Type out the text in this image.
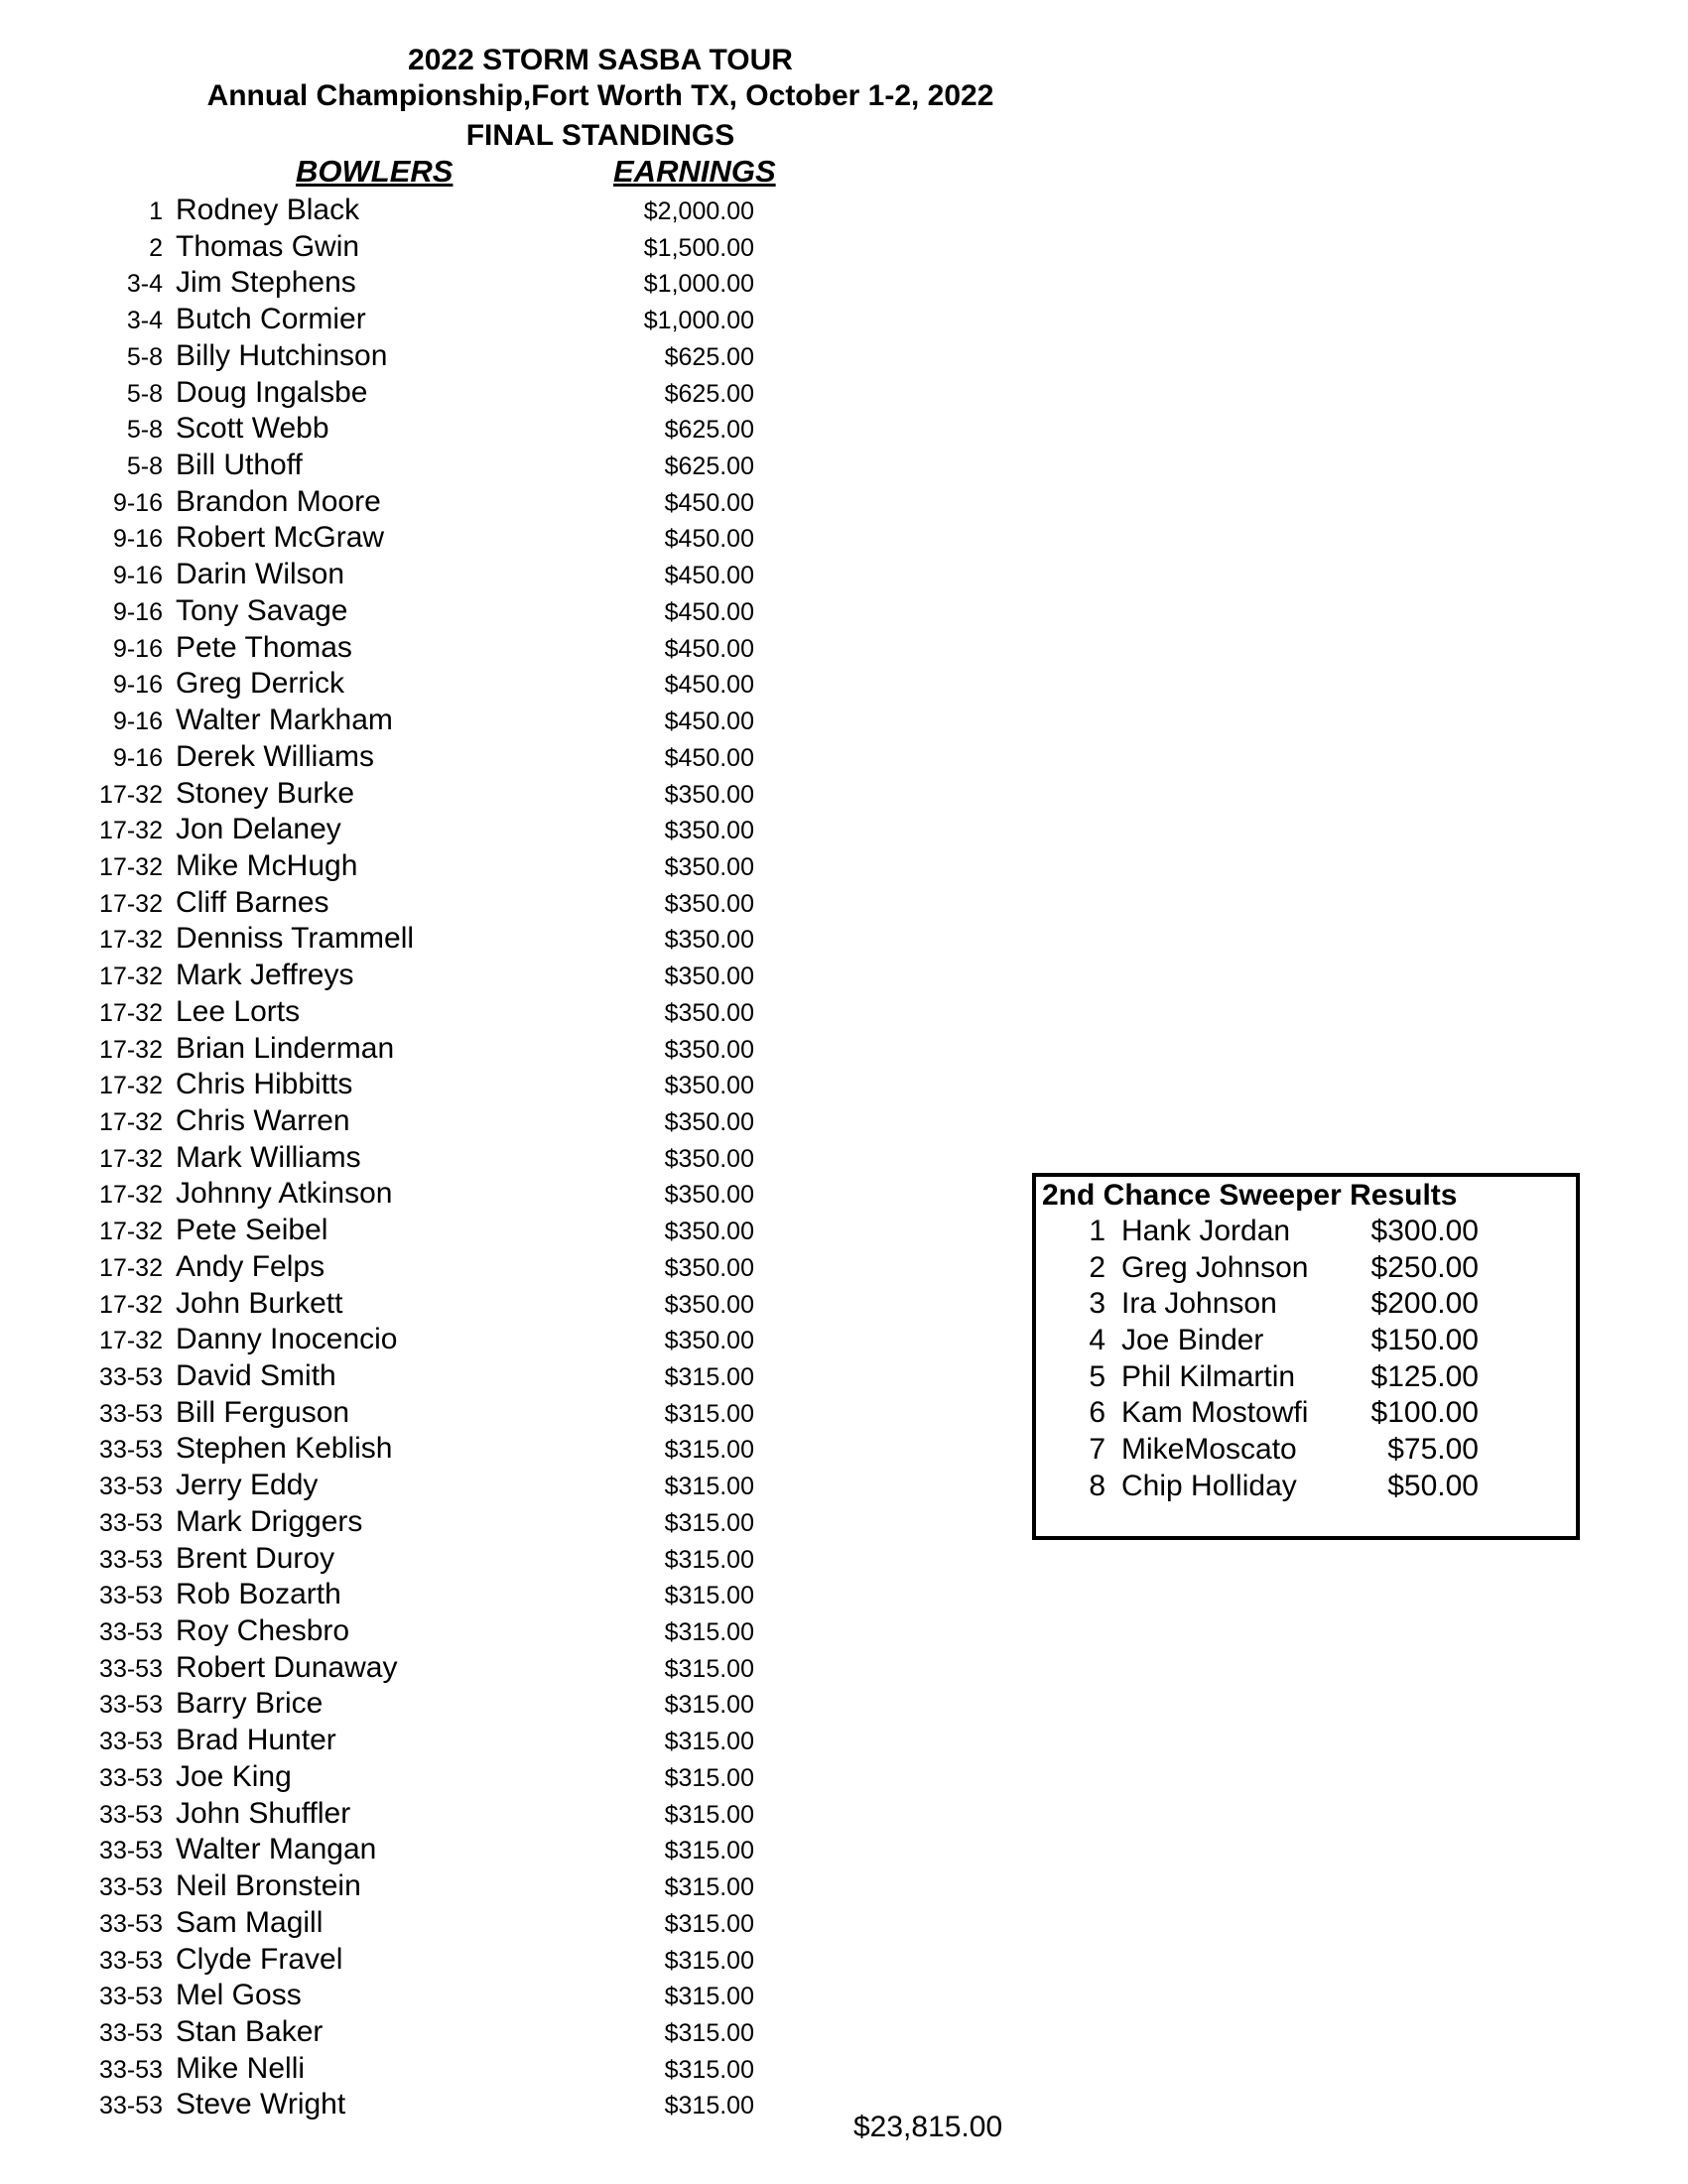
2022 STORM SASBA TOUR
Annual Championship,Fort Worth TX, October 1-2, 2022
FINAL STANDINGS
BOWLERS	EARNINGS
1 Rodney Black	$2,000.00
2 Thomas Gwin	$1,500.00
3-4 Jim Stephens	$1,000.00
3-4 Butch Cormier	$1,000.00
5-8 Billy Hutchinson	$625.00
5-8 Doug Ingalsbe	$625.00
5-8 Scott Webb	$625.00
5-8 Bill Uthoff	$625.00
9-16 Brandon Moore	$450.00
9-16 Robert McGraw	$450.00
9-16 Darin Wilson	$450.00
9-16 Tony Savage	$450.00
9-16 Pete Thomas	$450.00
9-16 Greg Derrick	$450.00
9-16 Walter Markham	$450.00
9-16 Derek Williams	$450.00
17-32 Stoney Burke	$350.00
17-32 Jon Delaney	$350.00
17-32 Mike McHugh	$350.00
17-32 Cliff Barnes	$350.00
17-32 Denniss Trammell	$350.00
17-32 Mark Jeffreys	$350.00
17-32 Lee Lorts	$350.00
17-32 Brian Linderman	$350.00
17-32 Chris Hibbitts	$350.00
17-32 Chris Warren	$350.00
17-32 Mark Williams	$350.00
17-32 Johnny Atkinson	$350.00
17-32 Pete Seibel	$350.00
17-32 Andy Felps	$350.00
17-32 John Burkett	$350.00
17-32 Danny Inocencio	$350.00
33-53 David Smith	$315.00
33-53 Bill Ferguson	$315.00
33-53 Stephen Keblish	$315.00
33-53 Jerry Eddy	$315.00
33-53 Mark Driggers	$315.00
33-53 Brent Duroy	$315.00
33-53 Rob Bozarth	$315.00
33-53 Roy Chesbro	$315.00
33-53 Robert Dunaway	$315.00
33-53 Barry Brice	$315.00
33-53 Brad Hunter	$315.00
33-53 Joe King	$315.00
33-53 John Shuffler	$315.00
33-53 Walter Mangan	$315.00
33-53 Neil Bronstein	$315.00
33-53 Sam Magill	$315.00
33-53 Clyde Fravel	$315.00
33-53 Mel Goss	$315.00
33-53 Stan Baker	$315.00
33-53 Mike Nelli	$315.00
33-53 Steve Wright	$315.00
$23,815.00
2nd Chance Sweeper Results
1 Hank Jordan	$300.00
2 Greg Johnson $250.00
3 Ira Johnson	$200.00
4 Joe Binder	$150.00
5 Phil Kilmartin	$125.00
6 Kam Mostowfi $100.00
7 MikeMoscato	$75.00
8 Chip Holliday	$50.00
